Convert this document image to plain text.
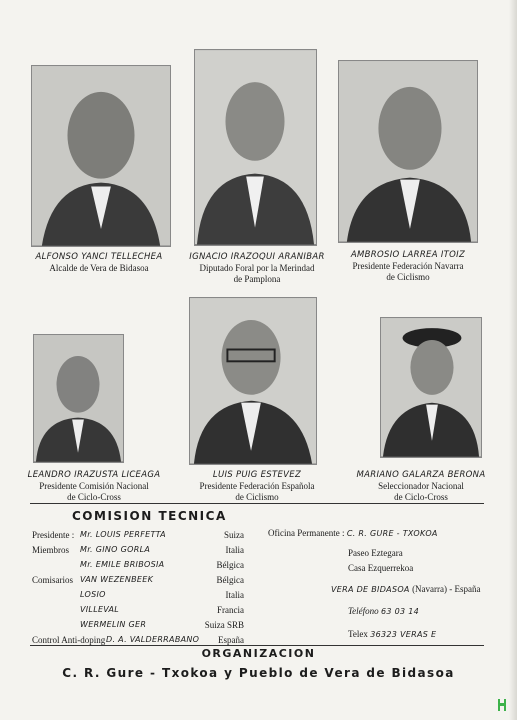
ALFONSO YANCI TELLECHEA
Alcalde de Vera de Bidasoa
IGNACIO IRAZOQUI ARANIBAR
Diputado Foral por la Merindad
de Pamplona
AMBROSIO LARREA ITOIZ
Presidente Federación Navarra
de Ciclismo
LEANDRO IRAZUSTA LICEAGA
Presidente Comisión Nacional
de Ciclo-Cross
LUIS PUIG ESTEVEZ
Presidente Federación Española
de Ciclismo
MARIANO GALARZA BERONA
Seleccionador Nacional
de Ciclo-Cross
COMISION TECNICA
Presidente : Mr. LOUIS PERFETTA	Suiza
Miembros Mr. GINO GORLA	Italia
Mr. EMILE BRIBOSIA	Bélgica
Comisarios VAN WEZENBEEK	Bélgica
LOSIO	Italia
VILLEVAL	Francia
WERMELIN GER	Suiza SRB
Control Anti-doping D. A. VALDERRABANO	España
Oficina Permanente : C. R. GURE - TXOKOA
Paseo Eztegara
Casa Ezquerrekoa
VERA DE BIDASOA (Navarra) - España
Teléfono 63 03 14
Telex 36323 VERAS E
ORGANIZACION
C. R. Gure - Txokoa y Pueblo de Vera de Bidasoa
